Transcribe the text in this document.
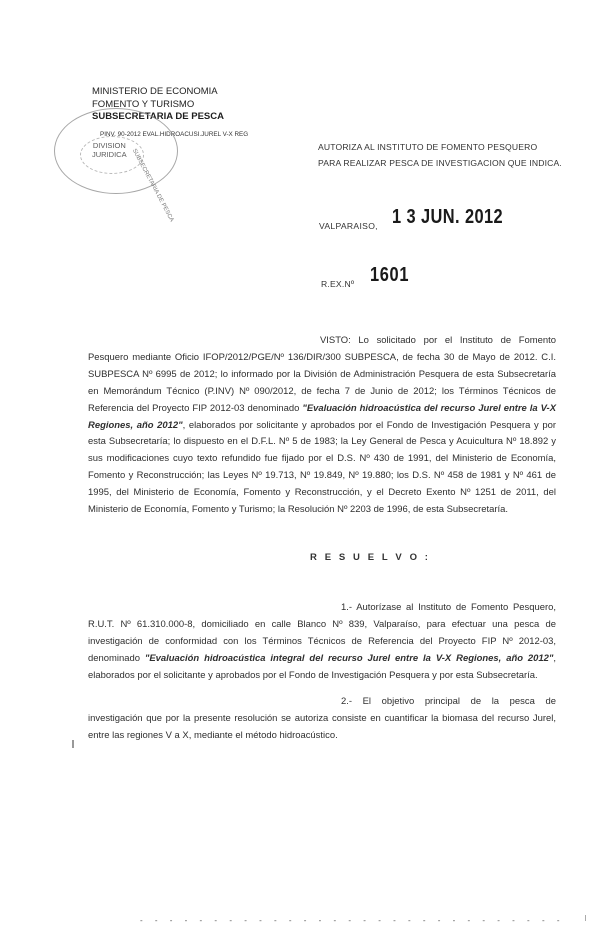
MINISTERIO DE ECONOMIA
FOMENTO Y TURISMO
SUBSECRETARIA DE PESCA
PINV. 90-2012 EVAL.HIDROACUSI.JUREL V-X REG
DIVISION
JURIDICA SUBSECRETARIA DE PESCA
AUTORIZA AL INSTITUTO DE FOMENTO PESQUERO
PARA REALIZAR PESCA DE INVESTIGACION QUE INDICA.
VALPARAISO, 1 3 JUN. 2012
R.EX.Nº 1601
VISTO: Lo solicitado por el Instituto de Fomento Pesquero mediante Oficio IFOP/2012/PGE/Nº 136/DIR/300 SUBPESCA, de fecha 30 de Mayo de 2012. C.I. SUBPESCA Nº 6995 de 2012; lo informado por la División de Administración Pesquera de esta Subsecretaría en Memorándum Técnico (P.INV) Nº 090/2012, de fecha 7 de Junio de 2012; los Términos Técnicos de Referencia del Proyecto FIP 2012-03 denominado "Evaluación hidroacústica del recurso Jurel entre la V-X Regiones, año 2012", elaborados por solicitante y aprobados por el Fondo de Investigación Pesquera y por esta Subsecretaría; lo dispuesto en el D.F.L. Nº 5 de 1983; la Ley General de Pesca y Acuicultura Nº 18.892 y sus modificaciones cuyo texto refundido fue fijado por el D.S. Nº 430 de 1991, del Ministerio de Economía, Fomento y Reconstrucción; las Leyes Nº 19.713, Nº 19.849, Nº 19.880; los D.S. Nº 458 de 1981 y Nº 461 de 1995, del Ministerio de Economía, Fomento y Reconstrucción, y el Decreto Exento Nº 1251 de 2011, del Ministerio de Economía, Fomento y Turismo; la Resolución Nº 2203 de 1996, de esta Subsecretaría.
R E S U E L V O :
1.- Autorízase al Instituto de Fomento Pesquero, R.U.T. Nº 61.310.000-8, domiciliado en calle Blanco Nº 839, Valparaíso, para efectuar una pesca de investigación de conformidad con los Términos Técnicos de Referencia del Proyecto FIP Nº 2012-03, denominado "Evaluación hidroacústica integral del recurso Jurel entre la V-X Regiones, año 2012", elaborados por el solicitante y aprobados por el Fondo de Investigación Pesquera y por esta Subsecretaría.
2.- El objetivo principal de la pesca de investigación que por la presente resolución se autoriza consiste en cuantificar la biomasa del recurso Jurel, entre las regiones V a X, mediante el método hidroacústico.
- - - - - - - - - - - - - - - - - - - - - - - - - - - - -
